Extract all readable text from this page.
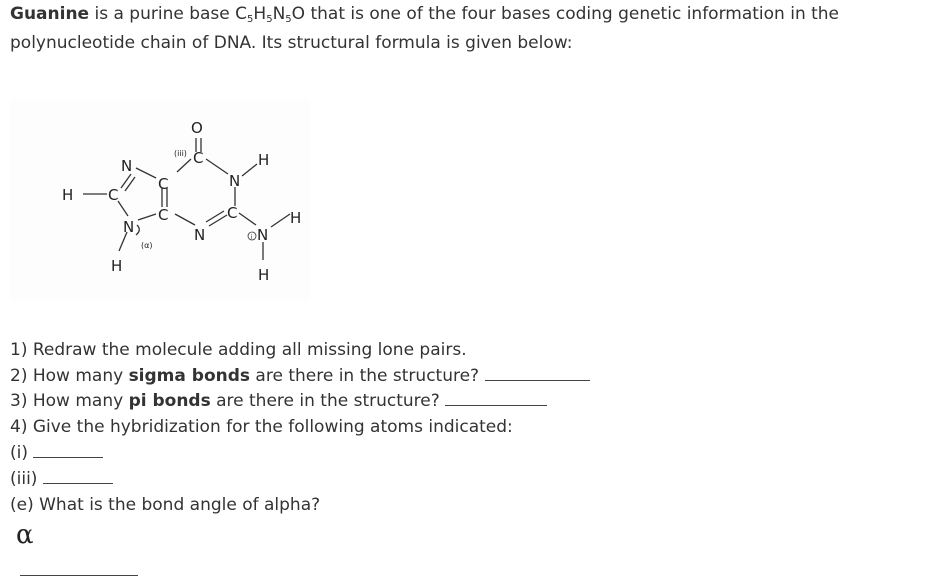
Guanine is a purine base $C_5H_5N_5O$ that is one of the four bases coding genetic information in the
polynucleotide chain of DNA. Its structural formula is given below:
O
C
N
C	N
H
H C
C	C
N	N	N
H
H	H
(iii)
(α)
i
1) Redraw the molecule adding all missing lone pairs.
2) How many sigma bonds are there in the structure?
3) How many pi bonds are there in the structure?
4) Give the hybridization for the following atoms indicated:
(i)
(iii)
(e) What is the bond angle of alpha?
α
